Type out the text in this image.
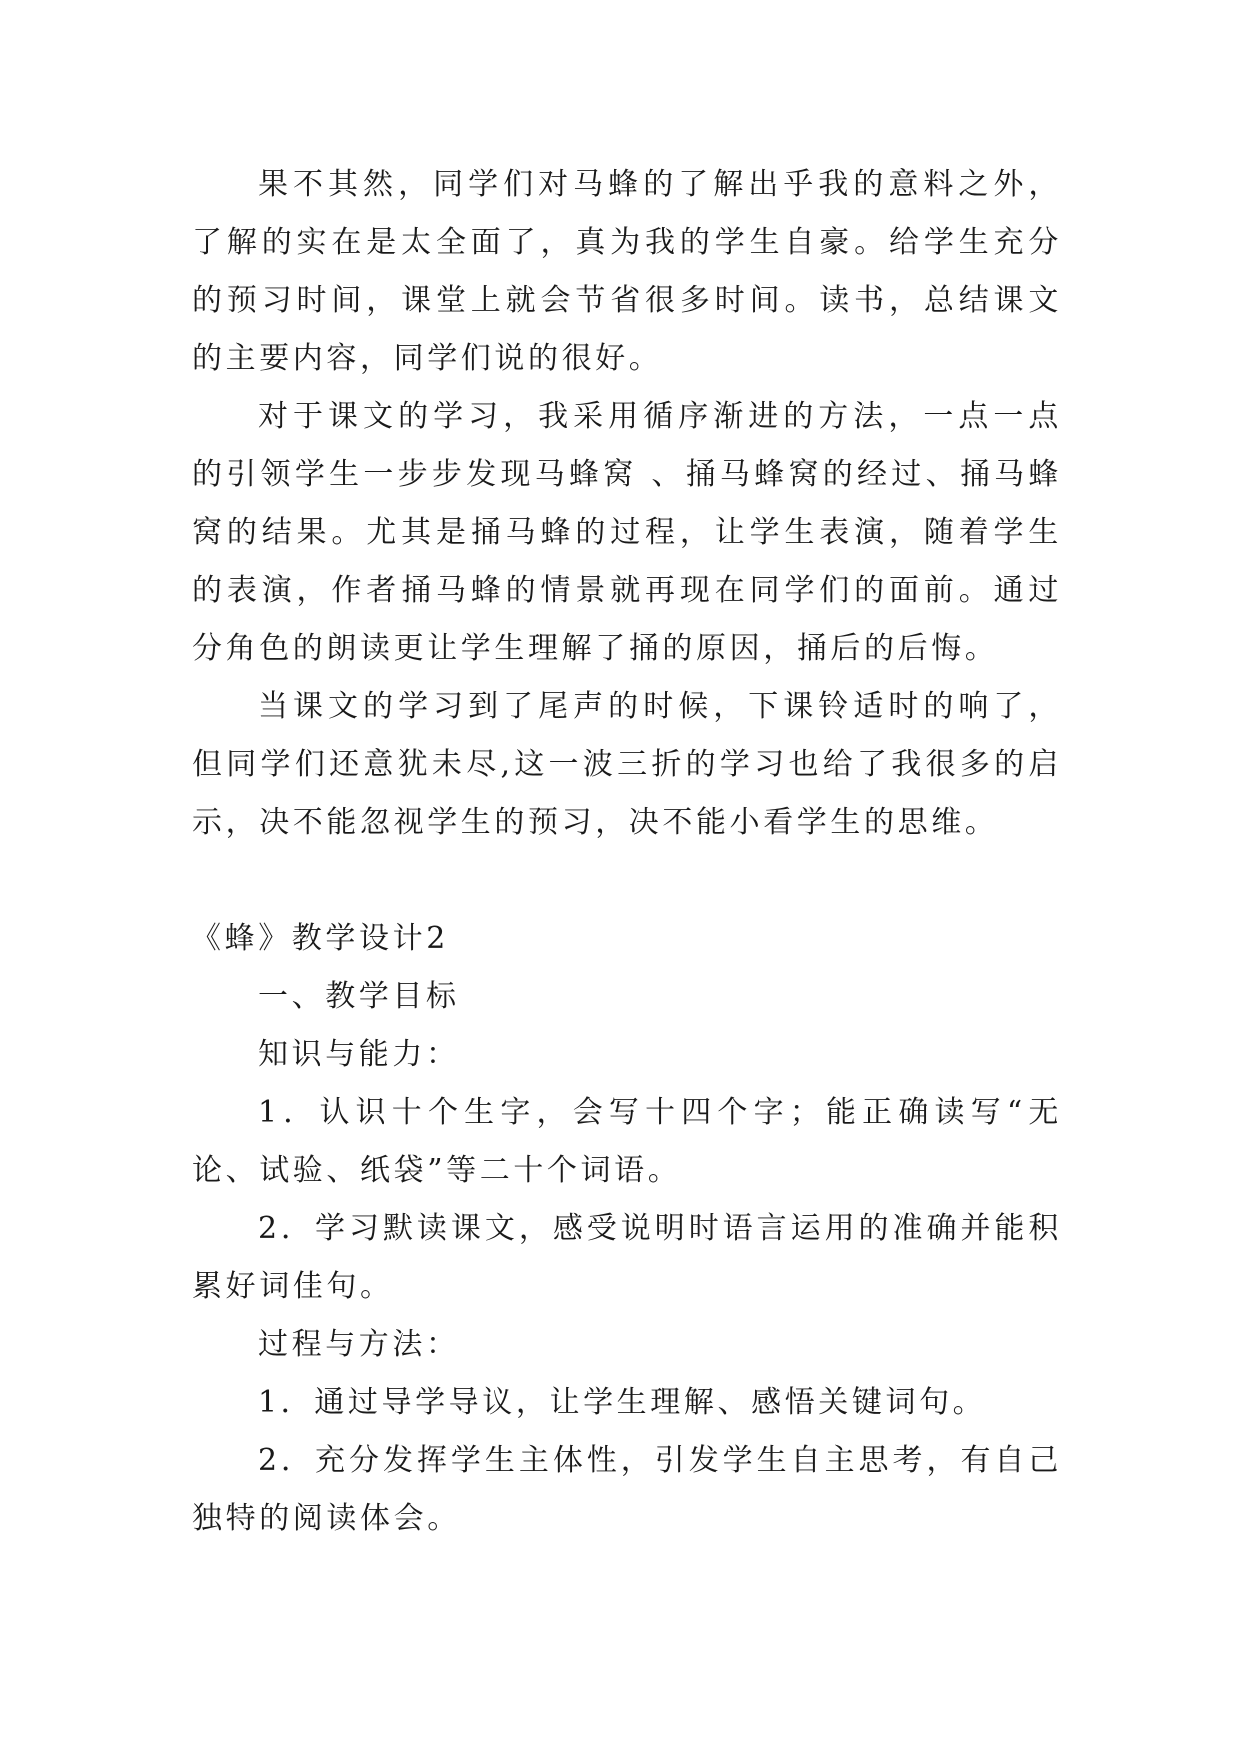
果不其然，同学们对马蜂的了解出乎我的意料之外，了解的实在是太全面了，真为我的学生自豪。给学生充分的预习时间，课堂上就会节省很多时间。读书，总结课文的主要内容，同学们说的很好。

对于课文的学习，我采用循序渐进的方法，一点一点的引领学生一步步发现马蜂窝 、捅马蜂窝的经过、捅马蜂窝的结果。尤其是捅马蜂的过程，让学生表演，随着学生的表演，作者捅马蜂的情景就再现在同学们的面前。通过分角色的朗读更让学生理解了捅的原因，捅后的后悔。

当课文的学习到了尾声的时候，下课铃适时的响了，但同学们还意犹未尽,这一波三折的学习也给了我很多的启示，决不能忽视学生的预习，决不能小看学生的思维。

《蜂》教学设计2

一、教学目标

知识与能力：

1．认识十个生字，会写十四个字；能正确读写“无论、试验、纸袋”等二十个词语。

2．学习默读课文，感受说明时语言运用的准确并能积累好词佳句。

过程与方法：

1．通过导学导议，让学生理解、感悟关键词句。

2．充分发挥学生主体性，引发学生自主思考，有自己独特的阅读体会。
